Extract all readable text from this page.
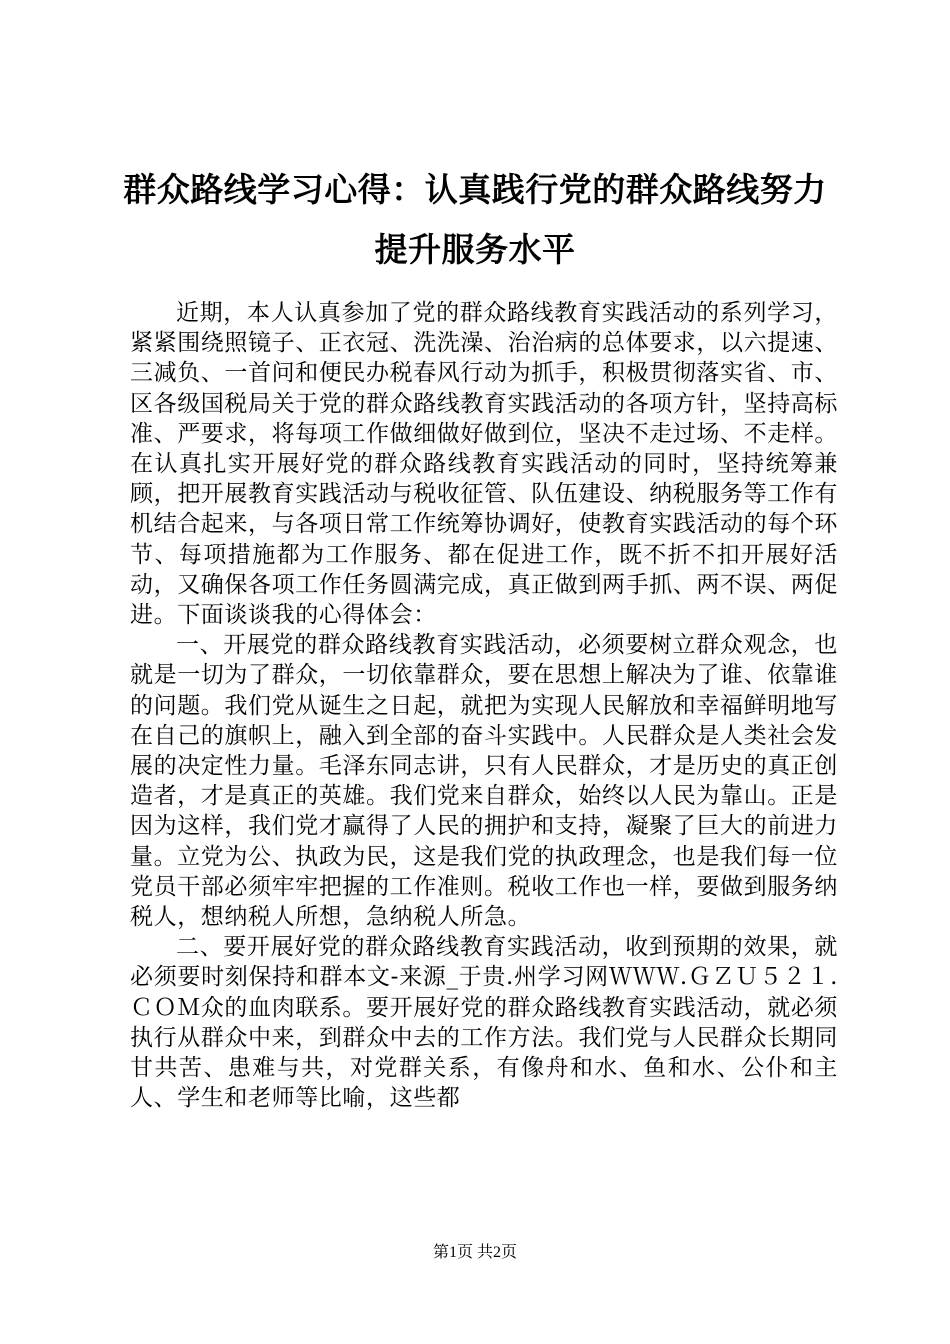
群众路线学习心得：认真践行党的群众路线努力提升服务水平

近期，本人认真参加了党的群众路线教育实践活动的系列学习，紧紧围绕照镜子、正衣冠、洗洗澡、治治病的总体要求，以六提速、三减负、一首问和便民办税春风行动为抓手，积极贯彻落实省、市、区各级国税局关于党的群众路线教育实践活动的各项方针，坚持高标准、严要求，将每项工作做细做好做到位，坚决不走过场、不走样。在认真扎实开展好党的群众路线教育实践活动的同时，坚持统筹兼顾，把开展教育实践活动与税收征管、队伍建设、纳税服务等工作有机结合起来，与各项日常工作统筹协调好，使教育实践活动的每个环节、每项措施都为工作服务、都在促进工作，既不折不扣开展好活动，又确保各项工作任务圆满完成，真正做到两手抓、两不误、两促进。下面谈谈我的心得体会：

一、开展党的群众路线教育实践活动，必须要树立群众观念，也就是一切为了群众，一切依靠群众，要在思想上解决为了谁、依靠谁的问题。我们党从诞生之日起，就把为实现人民解放和幸福鲜明地写在自己的旗帜上，融入到全部的奋斗实践中。人民群众是人类社会发展的决定性力量。毛泽东同志讲，只有人民群众，才是历史的真正创造者，才是真正的英雄。我们党来自群众，始终以人民为靠山。正是因为这样，我们党才赢得了人民的拥护和支持，凝聚了巨大的前进力量。立党为公、执政为民，这是我们党的执政理念，也是我们每一位党员干部必须牢牢把握的工作准则。税收工作也一样，要做到服务纳税人，想纳税人所想，急纳税人所急。

二、要开展好党的群众路线教育实践活动，收到预期的效果，就必须要时刻保持和群本文-来源_于贵.州学习网ＷＷＷ.ＧＺＵ５２１.ＣＯＭ众的血肉联系。要开展好党的群众路线教育实践活动，就必须执行从群众中来，到群众中去的工作方法。我们党与人民群众长期同甘共苦、患难与共，对党群关系，有像舟和水、鱼和水、公仆和主人、学生和老师等比喻，这些都

第1页 共2页
